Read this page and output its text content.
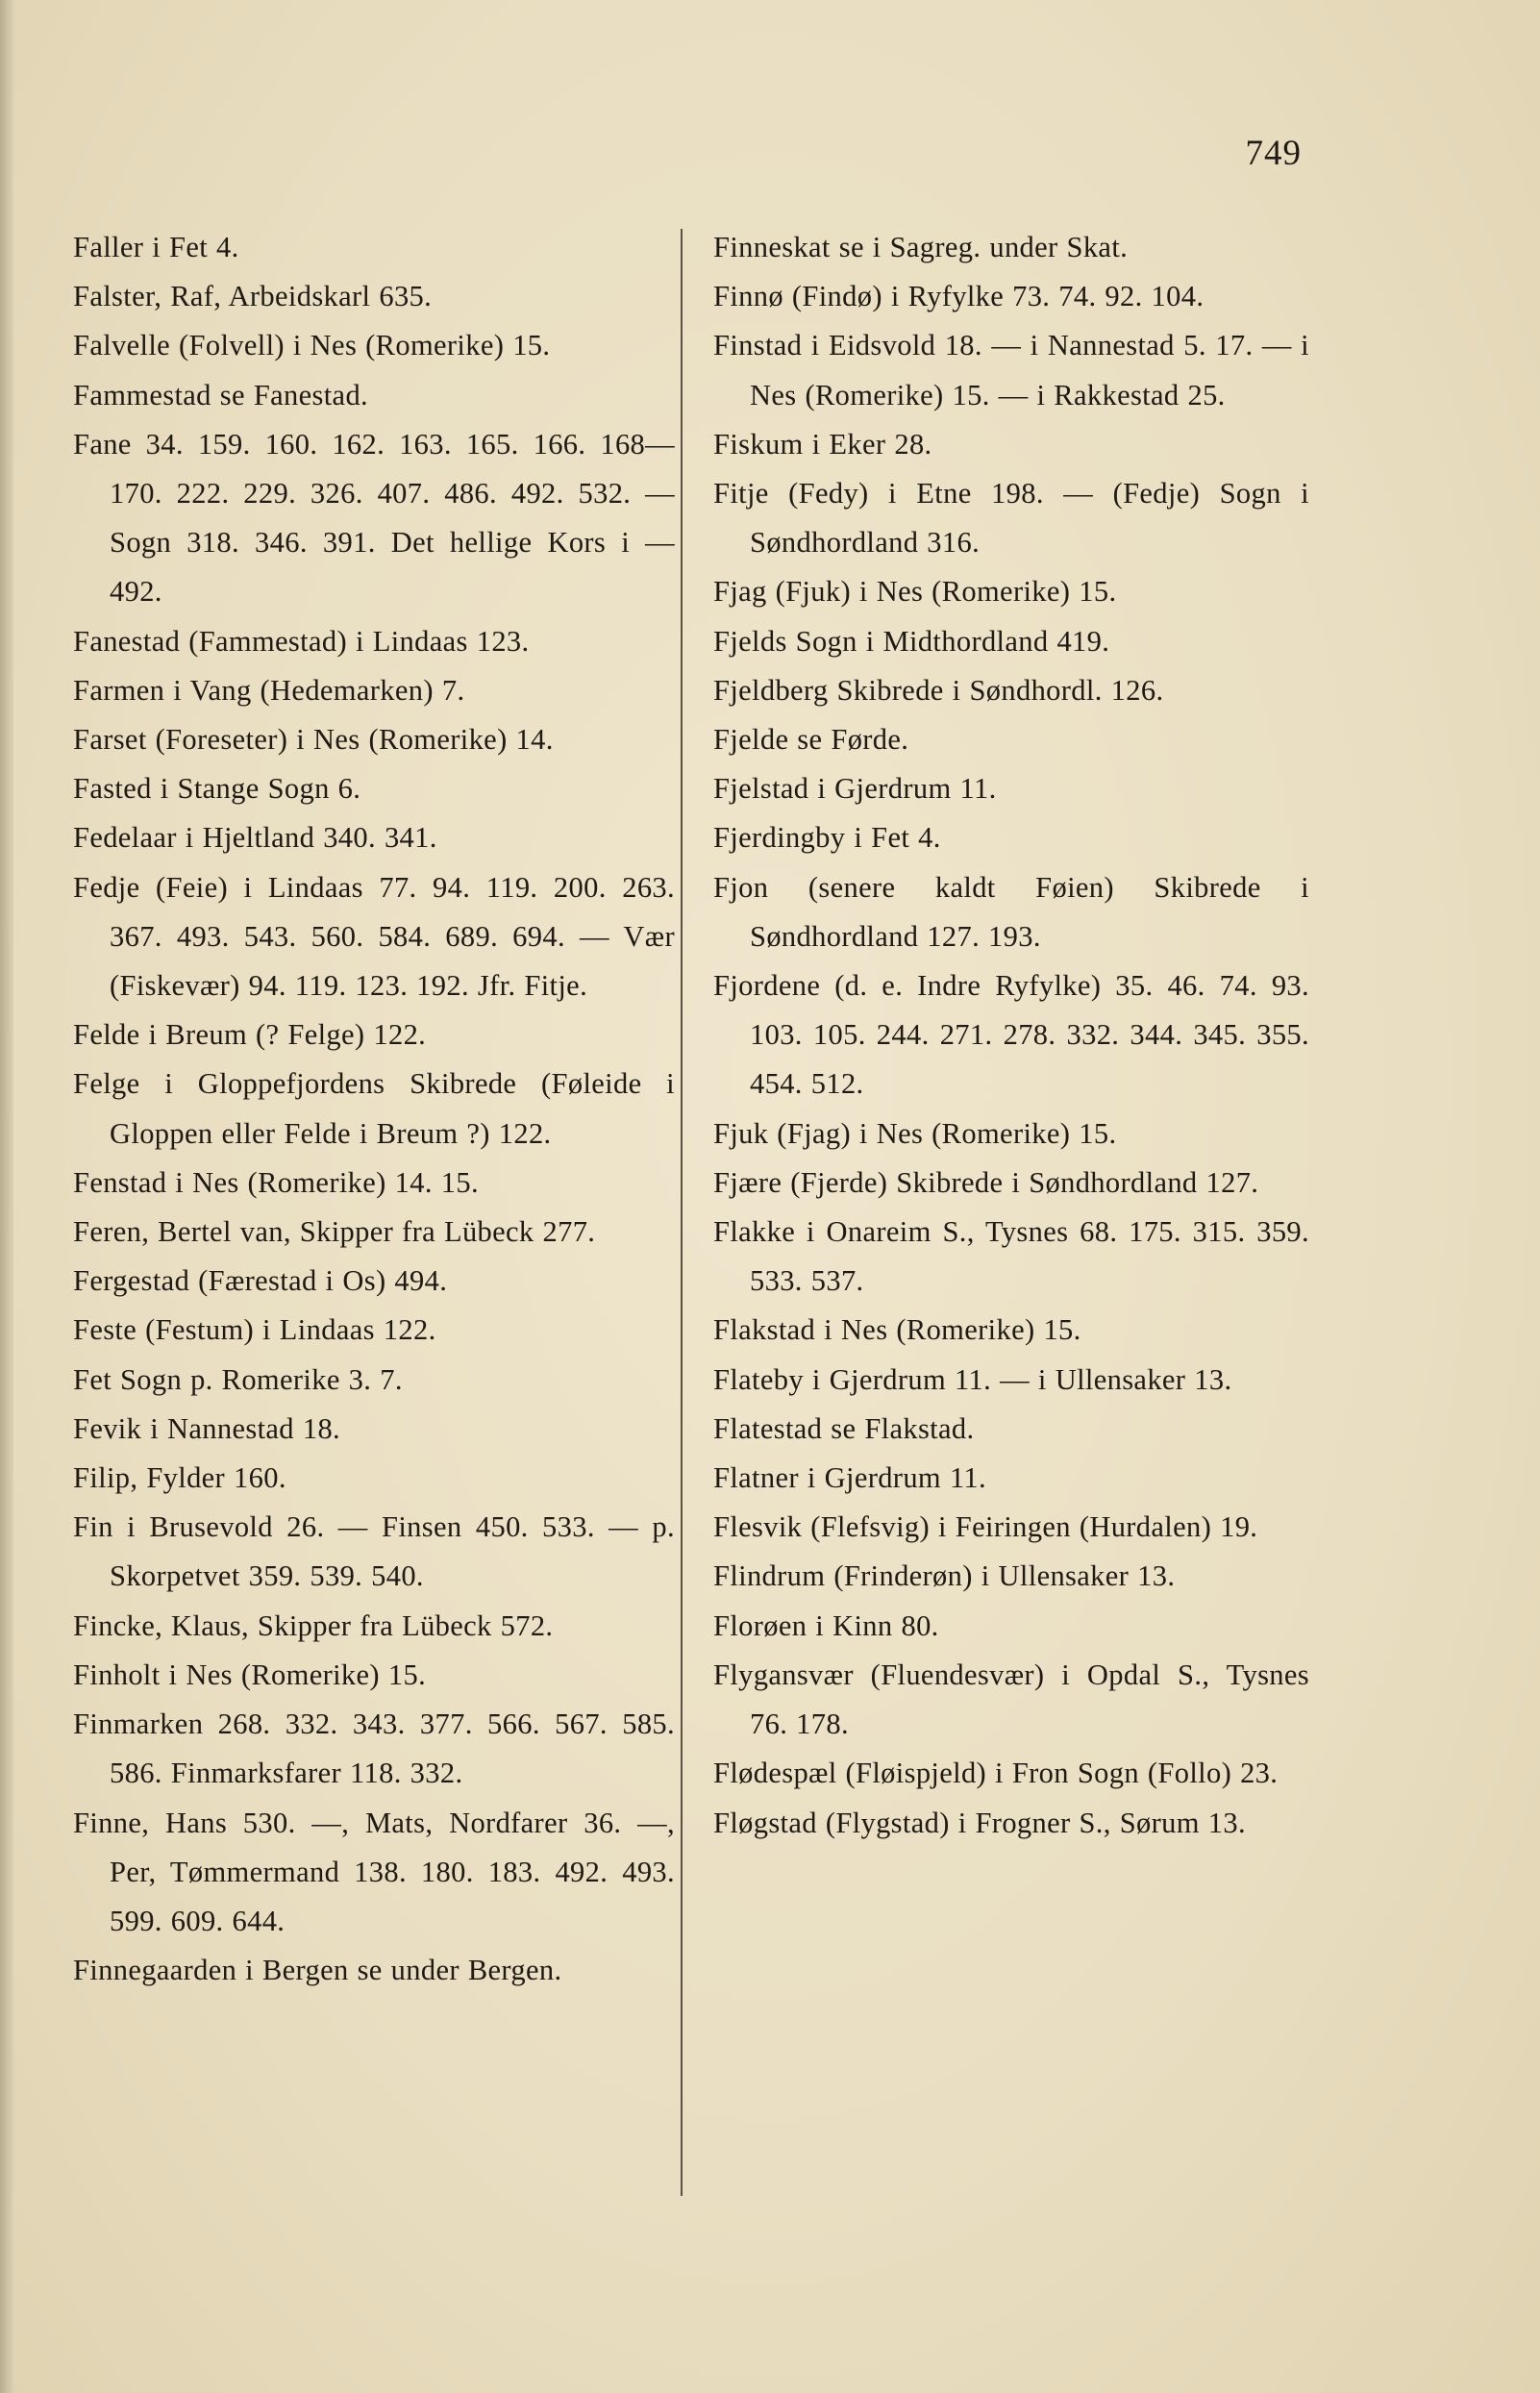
749
Faller i Fet 4.
Falster, Raf, Arbeidskarl 635.
Falvelle (Folvell) i Nes (Romerike) 15.
Fammestad se Fanestad.
Fane 34. 159. 160. 162. 163. 165. 166. 168—170. 222. 229. 326. 407. 486. 492. 532. — Sogn 318. 346. 391. Det hellige Kors i — 492.
Fanestad (Fammestad) i Lindaas 123.
Farmen i Vang (Hedemarken) 7.
Farset (Foreseter) i Nes (Romerike) 14.
Fasted i Stange Sogn 6.
Fedelaar i Hjeltland 340. 341.
Fedje (Feie) i Lindaas 77. 94. 119. 200. 263. 367. 493. 543. 560. 584. 689. 694. — Vær (Fiskevær) 94. 119. 123. 192. Jfr. Fitje.
Felde i Breum (? Felge) 122.
Felge i Gloppefjordens Skibrede (Føleide i Gloppen eller Felde i Breum ?) 122.
Fenstad i Nes (Romerike) 14. 15.
Feren, Bertel van, Skipper fra Lübeck 277.
Fergestad (Færestad i Os) 494.
Feste (Festum) i Lindaas 122.
Fet Sogn p. Romerike 3. 7.
Fevik i Nannestad 18.
Filip, Fylder 160.
Fin i Brusevold 26. — Finsen 450. 533. — p. Skorpetvet 359. 539. 540.
Fincke, Klaus, Skipper fra Lübeck 572.
Finholt i Nes (Romerike) 15.
Finmarken 268. 332. 343. 377. 566. 567. 585. 586. Finmarksfarer 118. 332.
Finne, Hans 530. —, Mats, Nordfarer 36. —, Per, Tømmermand 138. 180. 183. 492. 493. 599. 609. 644.
Finnegaarden i Bergen se under Bergen.
Finneskat se i Sagreg. under Skat.
Finnø (Findø) i Ryfylke 73. 74. 92. 104.
Finstad i Eidsvold 18. — i Nannestad 5. 17. — i Nes (Romerike) 15. — i Rakkestad 25.
Fiskum i Eker 28.
Fitje (Fedy) i Etne 198. — (Fedje) Sogn i Søndhordland 316.
Fjag (Fjuk) i Nes (Romerike) 15.
Fjelds Sogn i Midthordland 419.
Fjeldberg Skibrede i Søndhordl. 126.
Fjelde se Førde.
Fjelstad i Gjerdrum 11.
Fjerdingby i Fet 4.
Fjon (senere kaldt Føien) Skibrede i Søndhordland 127. 193.
Fjordene (d. e. Indre Ryfylke) 35. 46. 74. 93. 103. 105. 244. 271. 278. 332. 344. 345. 355. 454. 512.
Fjuk (Fjag) i Nes (Romerike) 15.
Fjære (Fjerde) Skibrede i Søndhordland 127.
Flakke i Onareim S., Tysnes 68. 175. 315. 359. 533. 537.
Flakstad i Nes (Romerike) 15.
Flateby i Gjerdrum 11. — i Ullensaker 13.
Flatestad se Flakstad.
Flatner i Gjerdrum 11.
Flesvik (Flefsvig) i Feiringen (Hurdalen) 19.
Flindrum (Frinderøn) i Ullensaker 13.
Florøen i Kinn 80.
Flygansvær (Fluendesvær) i Opdal S., Tysnes 76. 178.
Flødespæl (Fløispjeld) i Fron Sogn (Follo) 23.
Fløgstad (Flygstad) i Frogner S., Sørum 13.
